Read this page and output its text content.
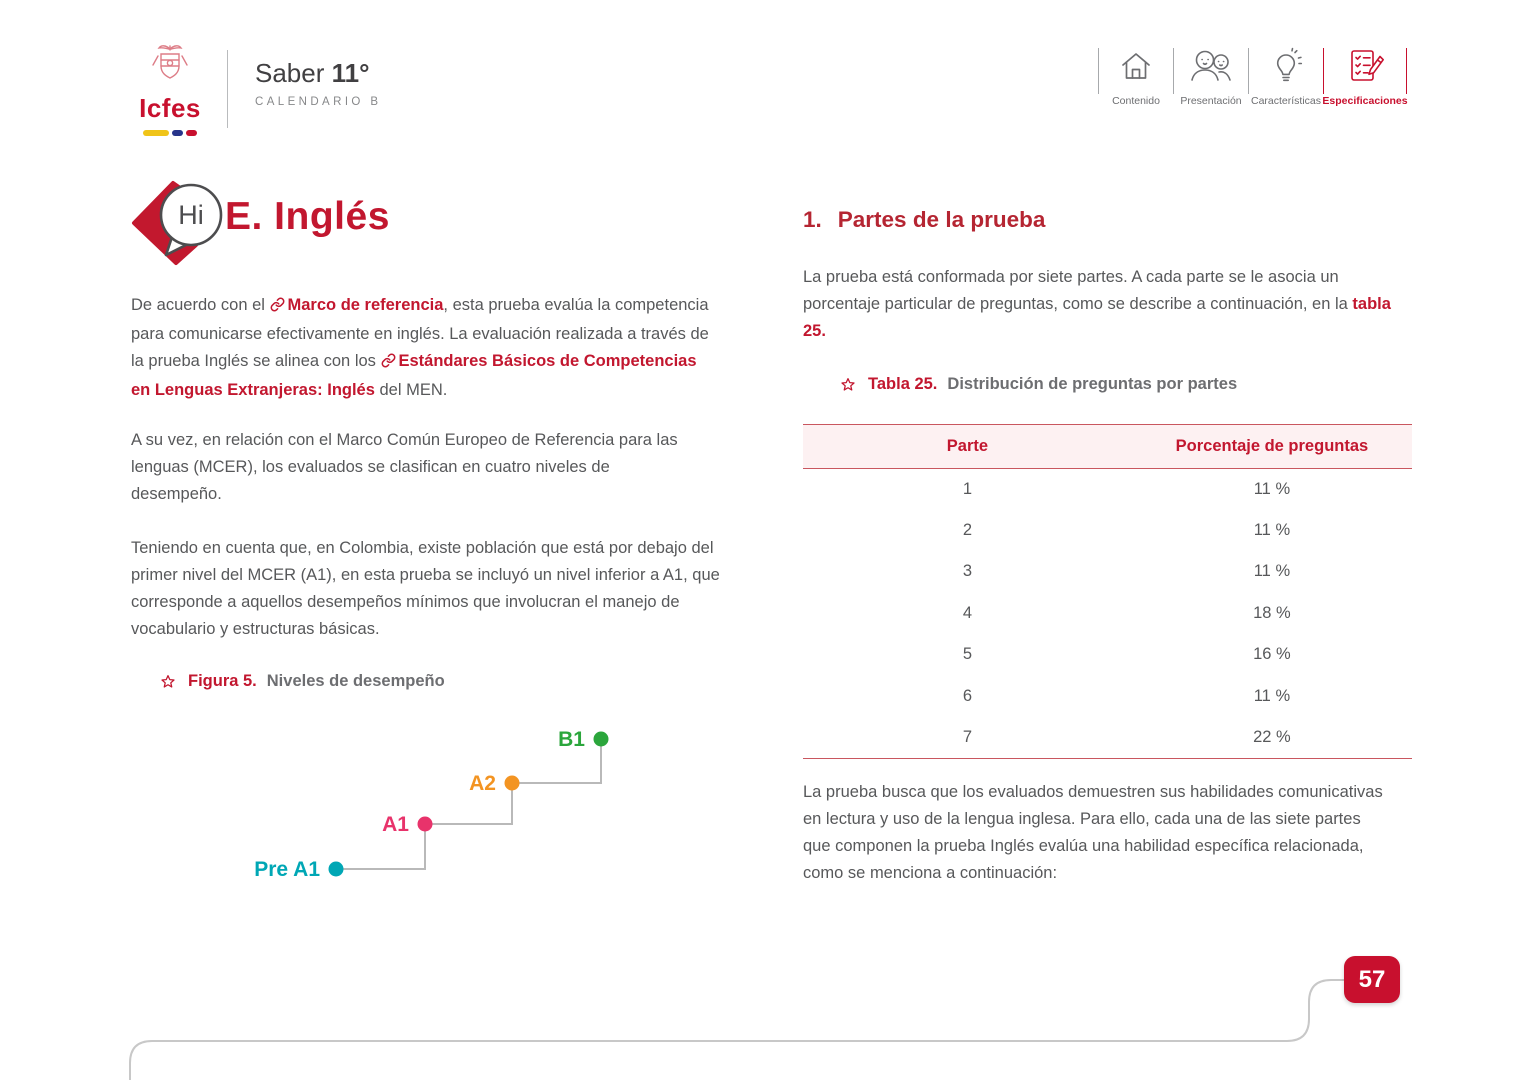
Icfes
Saber 11°
CALENDARIO B	Contenido Presentación Características Especificaciones
Hi E. Inglés

De acuerdo con el Marco de referencia, esta prueba evalúa la competencia para comunicarse efectivamente en inglés. La evaluación realizada a través de la prueba Inglés se alinea con los Estándares Básicos de Competencias en Lenguas Extranjeras: Inglés del MEN.

A su vez, en relación con el Marco Común Europeo de Referencia para las lenguas (MCER), los evaluados se clasifican en cuatro niveles de desempeño.

Teniendo en cuenta que, en Colombia, existe población que está por debajo del primer nivel del MCER (A1), en esta prueba se incluyó un nivel inferior a A1, que corresponde a aquellos desempeños mínimos que involucran el manejo de vocabulario y estructuras básicas.

Figura 5. Niveles de desempeño
Pre A1
A1
A2
B1
1. Partes de la prueba

La prueba está conformada por siete partes. A cada parte se le asocia un porcentaje particular de preguntas, como se describe a continuación, en la tabla 25.

Tabla 25. Distribución de preguntas por partes
Parte	Porcentaje de preguntas
1	11 %
2	11 %
3	11 %
4	18 %
5	16 %
6	11 %
7	22 %

La prueba busca que los evaluados demuestren sus habilidades comunicativas en lectura y uso de la lengua inglesa. Para ello, cada una de las siete partes que componen la prueba Inglés evalúa una habilidad específica relacionada, como se menciona a continuación:

57
